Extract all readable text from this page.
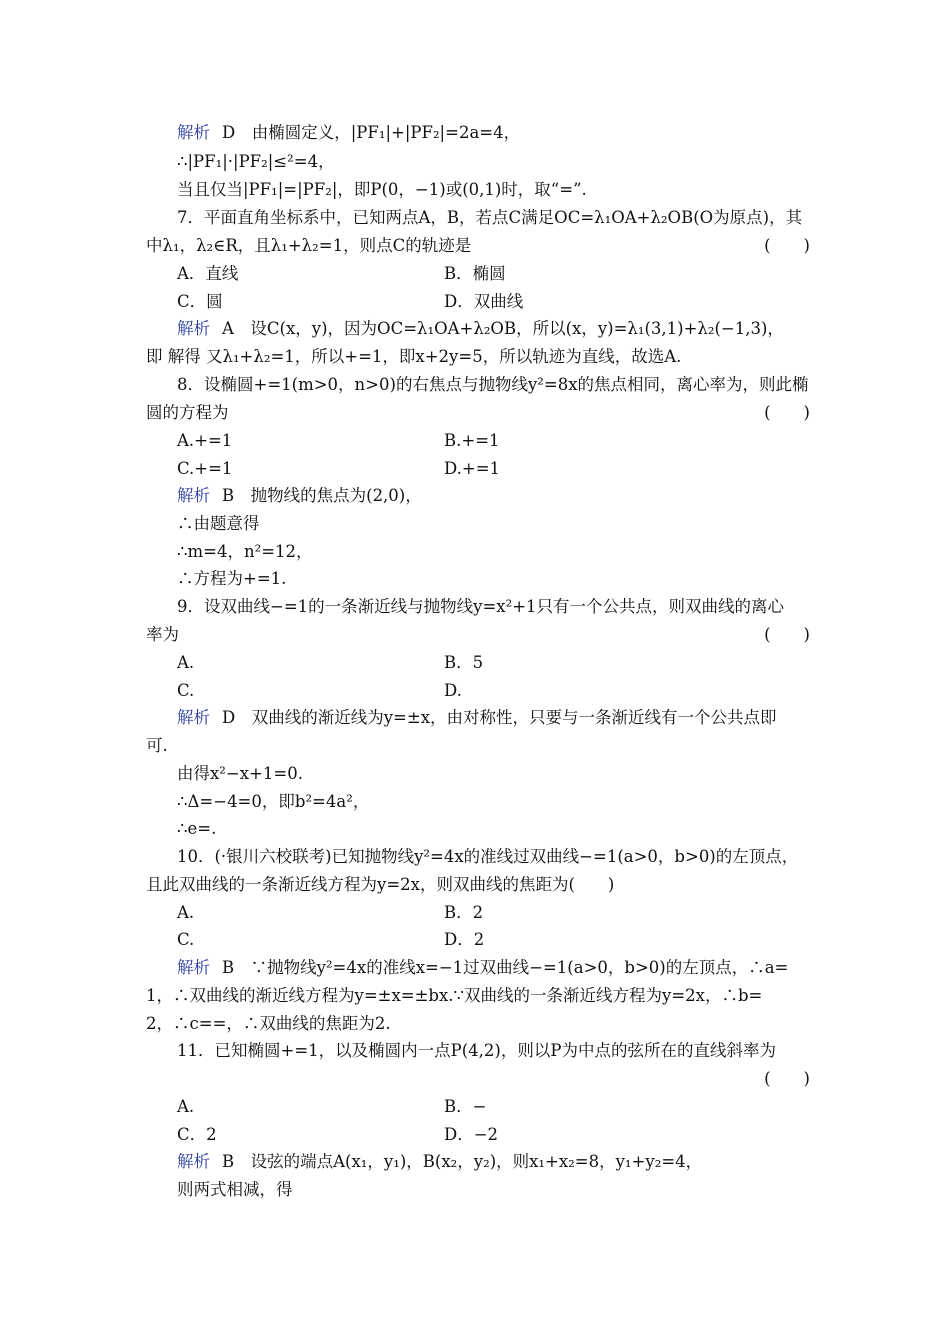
解析 D　由椭圆定义，|PF₁|+|PF₂|=2a=4，
∴|PF₁|·|PF₂|≤²=4，
当且仅当|PF₁|=|PF₂|，即P(0，−1)或(0,1)时，取“=”.
7．平面直角坐标系中，已知两点A，B，若点C满足OC=λ₁OA+λ₂OB(O为原点)，其
中λ₁，λ₂∈R，且λ₁+λ₂=1，则点C的轨迹是	(　　)
A．直线	B．椭圆
C．圆	D．双曲线
解析 A　设C(x，y)，因为OC=λ₁OA+λ₂OB，所以(x，y)=λ₁(3,1)+λ₂(−1,3)，
即 解得 又λ₁+λ₂=1，所以+=1，即x+2y=5，所以轨迹为直线，故选A.
8．设椭圆+=1(m>0，n>0)的右焦点与抛物线y²=8x的焦点相同，离心率为，则此椭
圆的方程为	(　　)
A.+=1	B.+=1
C.+=1	D.+=1
解析 B　抛物线的焦点为(2,0)，
∴由题意得
∴m=4，n²=12，
∴方程为+=1.
9．设双曲线−=1的一条渐近线与抛物线y=x²+1只有一个公共点，则双曲线的离心
率为	(　　)
A.	B．5
C.	D.
解析 D　双曲线的渐近线为y=±x，由对称性，只要与一条渐近线有一个公共点即
可.
由得x²−x+1=0.
∴Δ=−4=0，即b²=4a²，
∴e=.
10．(·银川六校联考)已知抛物线y²=4x的准线过双曲线−=1(a>0，b>0)的左顶点，
且此双曲线的一条渐近线方程为y=2x，则双曲线的焦距为(　　)
A.	B．2
C.	D．2
解析 B　∵抛物线y²=4x的准线x=−1过双曲线−=1(a>0，b>0)的左顶点，∴a=
1，∴双曲线的渐近线方程为y=±x=±bx.∵双曲线的一条渐近线方程为y=2x，∴b=
2，∴c==，∴双曲线的焦距为2.
11．已知椭圆+=1，以及椭圆内一点P(4,2)，则以P为中点的弦所在的直线斜率为
(　　)
A.	B．−
C．2	D．−2
解析 B　设弦的端点A(x₁，y₁)，B(x₂，y₂)，则x₁+x₂=8，y₁+y₂=4，
则两式相减，得
